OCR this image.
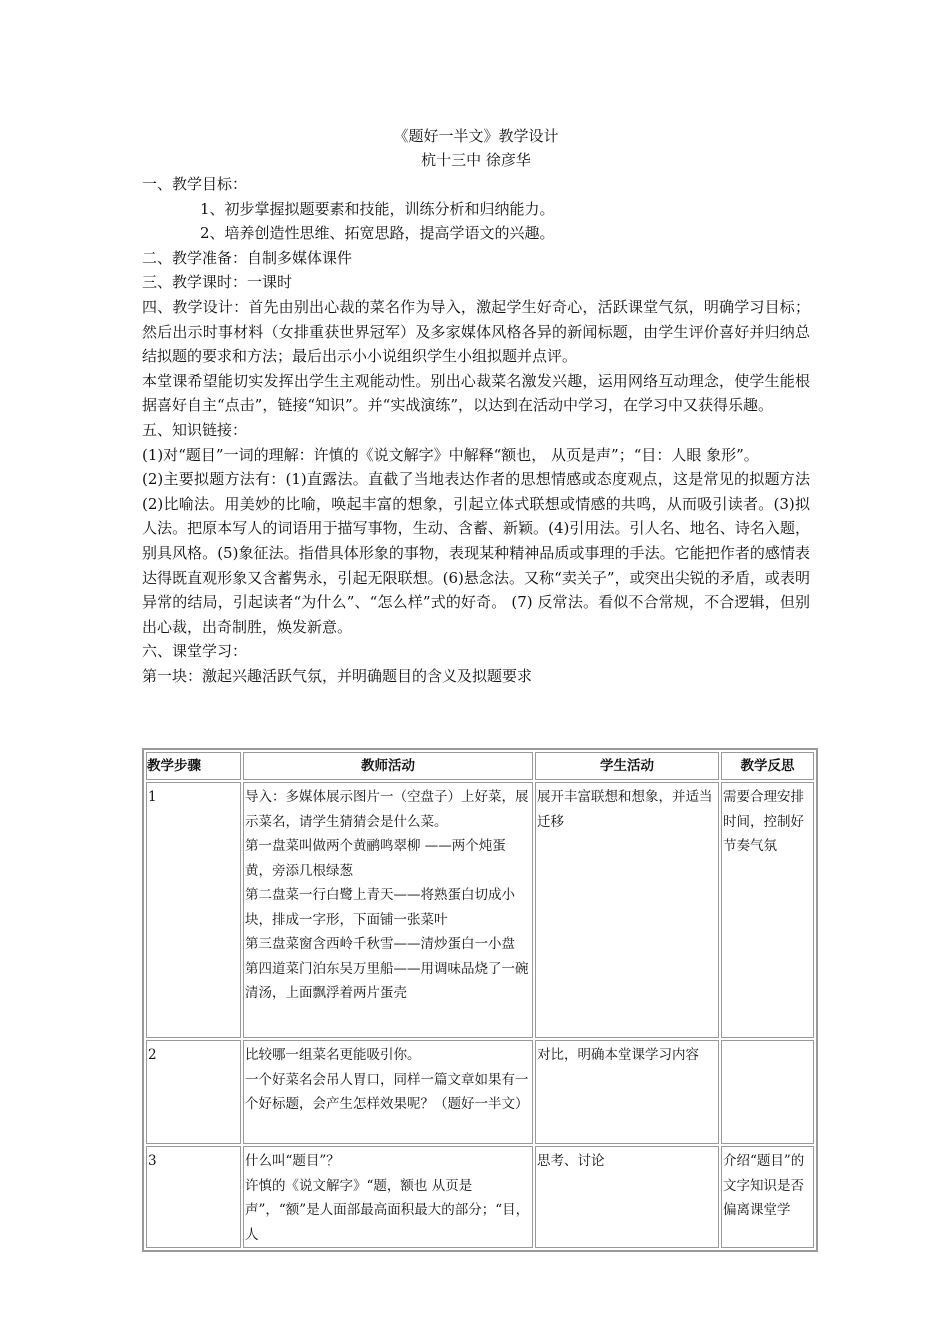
《题好一半文》教学设计
杭十三中 徐彦华

一、教学目标：

1、初步掌握拟题要素和技能，训练分析和归纳能力。

2、培养创造性思维、拓宽思路，提高学语文的兴趣。

二、教学准备：自制多媒体课件

三、教学课时：一课时

四、教学设计：首先由别出心裁的菜名作为导入，激起学生好奇心，活跃课堂气氛，明确学习目标；然后出示时事材料（女排重获世界冠军）及多家媒体风格各异的新闻标题，由学生评价喜好并归纳总结拟题的要求和方法；最后出示小小说组织学生小组拟题并点评。

本堂课希望能切实发挥出学生主观能动性。别出心裁菜名激发兴趣，运用网络互动理念，使学生能根据喜好自主“点击”，链接“知识”。并“实战演练”，以达到在活动中学习，在学习中又获得乐趣。

五、知识链接：

(1)对“题目”一词的理解：许慎的《说文解字》中解释“额也， 从页是声”；“目：人眼 象形”。

(2)主要拟题方法有：(1)直露法。直截了当地表达作者的思想情感或态度观点，这是常见的拟题方法(2)比喻法。用美妙的比喻，唤起丰富的想象，引起立体式联想或情感的共鸣，从而吸引读者。(3)拟人法。把原本写人的词语用于描写事物，生动、含蓄、新颖。(4)引用法。引人名、地名、诗名入题，别具风格。(5)象征法。指借具体形象的事物，表现某种精神品质或事理的手法。它能把作者的感情表达得既直观形象又含蓄隽永，引起无限联想。(6)悬念法。又称“卖关子”，或突出尖锐的矛盾，或表明异常的结局，引起读者“为什么”、“怎么样”式的好奇。 (7) 反常法。看似不合常规，不合逻辑，但别出心裁，出奇制胜，焕发新意。

六、课堂学习：

第一块：激起兴趣活跃气氛，并明确题目的含义及拟题要求

教学步骤	教师活动	学生活动	教学反思
1	导入：多媒体展示图片一（空盘子）上好菜，展示菜名，请学生猜猜会是什么菜。

第一盘菜叫做两个黄鹂鸣翠柳 ——两个炖蛋黄，旁添几根绿葱

第二盘菜一行白鹭上青天——将熟蛋白切成小块，排成一字形，下面铺一张菜叶

第三盘菜窗含西岭千秋雪——清炒蛋白一小盘

第四道菜门泊东吴万里船——用调味品烧了一碗清汤，上面飘浮着两片蛋壳	展开丰富联想和想象，并适当迁移	需要合理安排时间，控制好节奏气氛
2	比较哪一组菜名更能吸引你。

一个好菜名会吊人胃口，同样一篇文章如果有一个好标题，会产生怎样效果呢？（题好一半文）	对比，明确本堂课学习内容	
3	什么叫“题目”？

许慎的《说文解字》“题，额也 从页是声”，“额”是人面部最高面积最大的部分；“目，人	思考、讨论	介绍“题目”的文字知识是否偏离课堂学
